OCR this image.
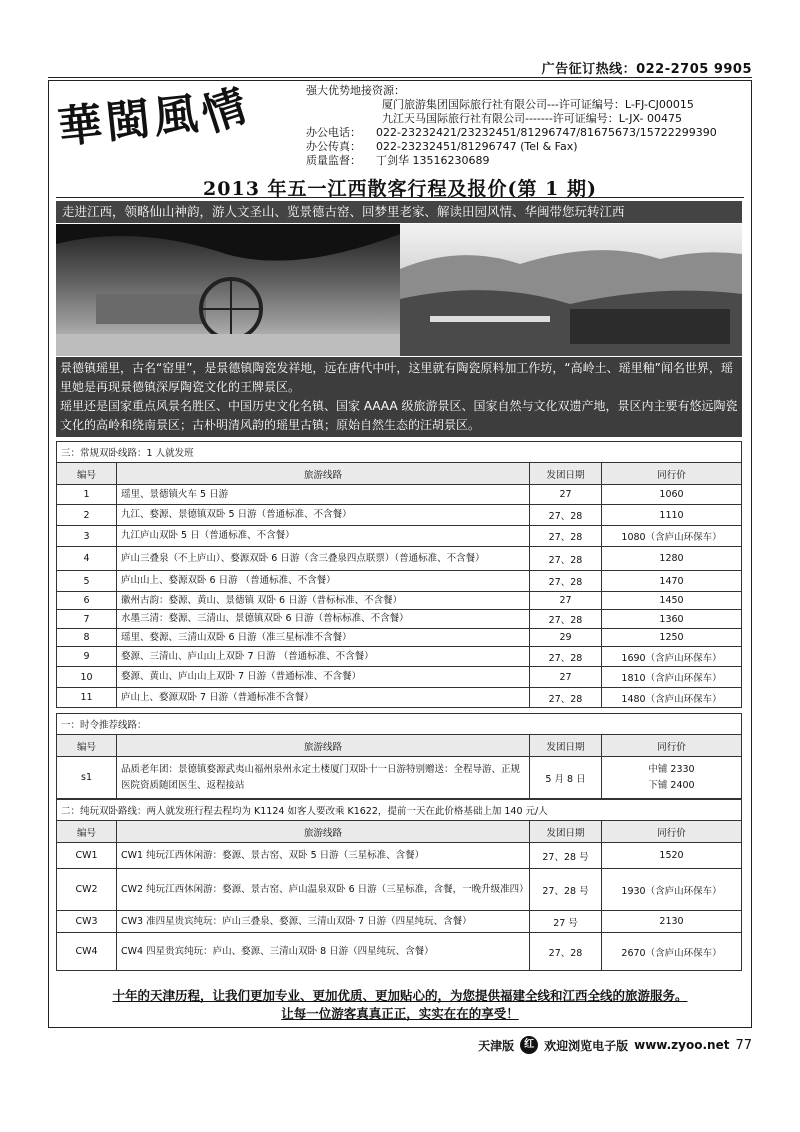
广告征订热线：022-2705 9905
華閩風情	强大优势地接资源：
厦门旅游集团国际旅行社有限公司---许可证编号：L-FJ-CJ00015
九江天马国际旅行社有限公司-------许可证编号：L-JX- 00475
办公电话：	022-23232421/23232451/81296747/81675673/15722299390
办公传真：	022-23232451/81296747 (Tel & Fax)
质量监督：	丁剑华 13516230689
2013 年五一江西散客行程及报价(第 1 期)
走进江西，领略仙山神韵，游人文圣山、览景德古窑、回梦里老家、解读田园风情、华闽带您玩转江西
景德镇瑶里，古名“窑里”，是景德镇陶瓷发祥地，远在唐代中叶，这里就有陶瓷原料加工作坊，“高岭土、瑶里釉”闻名世界，瑶里她是再现景德镇深厚陶瓷文化的王牌景区。
瑶里还是国家重点风景名胜区、中国历史文化名镇、国家 AAAA 级旅游景区、国家自然与文化双遗产地，景区内主要有悠远陶瓷文化的高岭和绕南景区；古朴明清风韵的瑶里古镇；原始自然生态的汪胡景区。
三：常规双卧线路：1 人就发班
编号	旅游线路	发团日期	同行价
1	瑶里、景德镇火车 5 日游	27	1060
2	九江、婺源、景德镇双卧 5 日游（普通标准、不含餐）	27、28	1110
3	九江庐山双卧 5 日（普通标准、不含餐）	27、28	1080（含庐山环保车）
4	庐山三叠泉（不上庐山）、婺源双卧 6 日游（含三叠泉四点联票）（普通标准、不含餐）	27、28	1280
5	庐山山上、婺源双卧 6 日游 （普通标准、不含餐）	27、28	1470
6	徽州古韵：婺源、黄山、景德镇 双卧 6 日游（普标标准、不含餐）	27	1450
7	水墨三清：婺源、三清山、景德镇双卧 6 日游（普标标准、不含餐）	27、28	1360
8	瑶里、婺源、三清山双卧 6 日游（准三星标准不含餐）	29	1250
9	婺源、三清山、庐山山上双卧 7 日游 （普通标准、不含餐）	27、28	1690（含庐山环保车）
10	婺源、黄山、庐山山上双卧 7 日游（普通标准、不含餐）	27	1810（含庐山环保车）
11	庐山上、婺源双卧 7 日游（普通标准不含餐）	27、28	1480（含庐山环保车）
一：时令推荐线路：
编号	旅游线路	发团日期	同行价
s1	品质老年团：景德镇婺源武夷山福州泉州永定土楼厦门双卧十一日游特别赠送：全程导游、正规医院资质随团医生、返程接站	5 月 8 日	中铺 2330
下铺 2400
二：纯玩双卧路线：两人就发班行程去程均为 K1124 如客人要改乘 K1622，提前一天在此价格基础上加 140 元/人
编号	旅游线路	发团日期	同行价
CW1	CW1 纯玩江西休闲游：婺源、景古窑、双卧 5 日游（三星标准、含餐）	27、28 号	1520
CW2	CW2 纯玩江西休闲游：婺源、景古窑、庐山温泉双卧 6 日游（三星标准，含餐，一晚升级准四）	27、28 号	1930（含庐山环保车）
CW3	CW3 准四星贵宾纯玩：庐山三叠泉、婺源、三清山双卧 7 日游（四星纯玩、含餐）	27 号	2130
CW4	CW4 四星贵宾纯玩：庐山、婺源、三清山双卧 8 日游（四星纯玩、含餐）	27、28	2670（含庐山环保车）
十年的天津历程，让我们更加专业、更加优质、更加贴心的，为您提供福建全线和江西全线的旅游服务。
让每一位游客真真正正，实实在在的享受！
天津版	红 欢迎浏览电子版 www.zyoo.net 77
